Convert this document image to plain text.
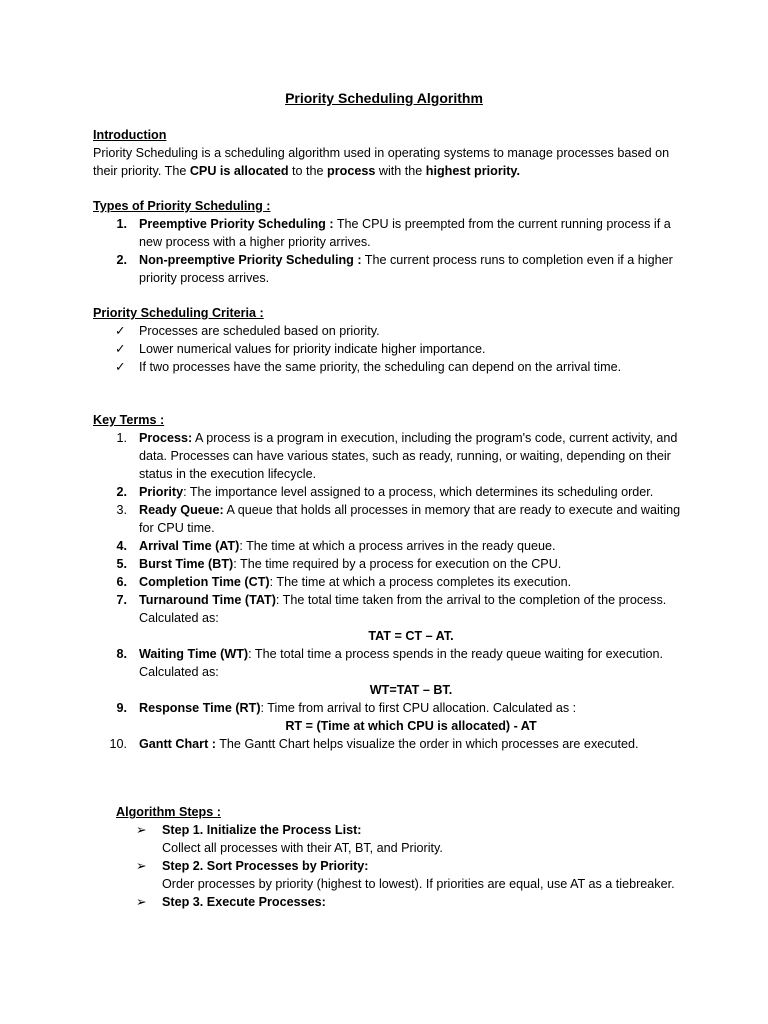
Priority Scheduling Algorithm
Introduction
Priority Scheduling is a scheduling algorithm used in operating systems to manage processes based on their priority. The CPU is allocated to the process with the highest priority.
Types of Priority Scheduling :
1. Preemptive Priority Scheduling : The CPU is preempted from the current running process if a new process with a higher priority arrives.
2. Non-preemptive Priority Scheduling : The current process runs to completion even if a higher priority process arrives.
Priority Scheduling Criteria :
✓	Processes are scheduled based on priority.
✓	Lower numerical values for priority indicate higher importance.
✓	If two processes have the same priority, the scheduling can depend on the arrival time.
Key Terms :
1. Process: A process is a program in execution, including the program's code, current activity, and data. Processes can have various states, such as ready, running, or waiting, depending on their status in the execution lifecycle.
2. Priority: The importance level assigned to a process, which determines its scheduling order.
3. Ready Queue: A queue that holds all processes in memory that are ready to execute and waiting for CPU time.
4. Arrival Time (AT): The time at which a process arrives in the ready queue.
5. Burst Time (BT): The time required by a process for execution on the CPU.
6. Completion Time (CT): The time at which a process completes its execution.
7. Turnaround Time (TAT): The total time taken from the arrival to the completion of the process. Calculated as:
TAT = CT – AT.
8. Waiting Time (WT): The total time a process spends in the ready queue waiting for execution. Calculated as:
WT=TAT – BT.
9. Response Time (RT): Time from arrival to first CPU allocation. Calculated as :
RT = (Time at which CPU is allocated) - AT
10. Gantt Chart : The Gantt Chart helps visualize the order in which processes are executed.
Algorithm Steps :
➢	Step 1. Initialize the Process List:
Collect all processes with their AT, BT, and Priority.
➢	Step 2. Sort Processes by Priority:
Order processes by priority (highest to lowest). If priorities are equal, use AT as a tiebreaker.
➢	Step 3. Execute Processes:
